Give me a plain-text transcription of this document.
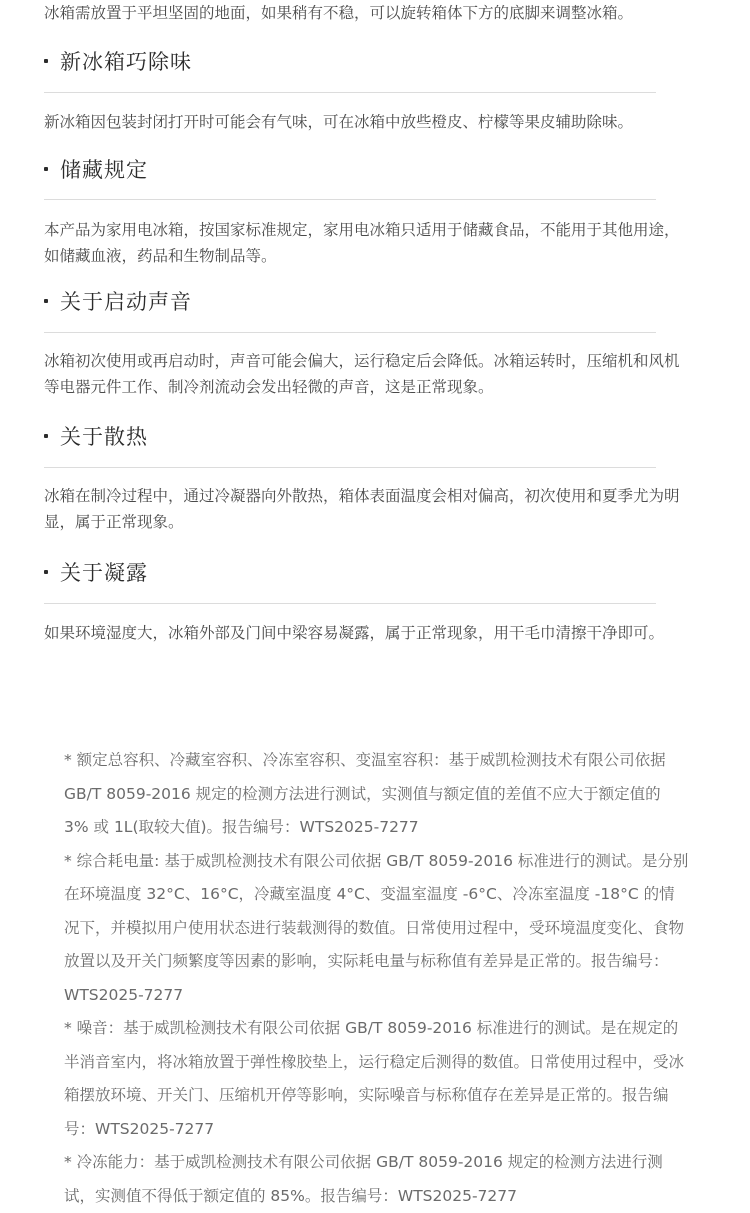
冰箱需放置于平坦坚固的地面，如果稍有不稳，可以旋转箱体下方的底脚来调整冰箱。
新冰箱巧除味
新冰箱因包装封闭打开时可能会有气味，可在冰箱中放些橙皮、柠檬等果皮辅助除味。
储藏规定
本产品为家用电冰箱，按国家标准规定，家用电冰箱只适用于储藏食品，不能用于其他用途，如储藏血液，药品和生物制品等。
关于启动声音
冰箱初次使用或再启动时，声音可能会偏大，运行稳定后会降低。冰箱运转时，压缩机和风机等电器元件工作、制冷剂流动会发出轻微的声音，这是正常现象。
关于散热
冰箱在制冷过程中，通过冷凝器向外散热，箱体表面温度会相对偏高，初次使用和夏季尤为明显，属于正常现象。
关于凝露
如果环境湿度大，冰箱外部及门间中梁容易凝露，属于正常现象，用干毛巾清擦干净即可。

* 额定总容积、冷藏室容积、冷冻室容积、变温室容积：基于威凯检测技术有限公司依据 GB/T 8059-2016 规定的检测方法进行测试，实测值与额定值的差值不应大于额定值的 3% 或 1L(取较大值)。报告编号：WTS2025-7277

* 综合耗电量: 基于威凯检测技术有限公司依据 GB/T 8059-2016 标准进行的测试。是分别在环境温度 32°C、16°C，冷藏室温度 4°C、变温室温度 -6°C、冷冻室温度 -18°C 的情况下，并模拟用户使用状态进行装载测得的数值。日常使用过程中，受环境温度变化、食物放置以及开关门频繁度等因素的影响，实际耗电量与标称值有差异是正常的。报告编号：WTS2025-7277

* 噪音：基于威凯检测技术有限公司依据 GB/T 8059-2016 标准进行的测试。是在规定的半消音室内，将冰箱放置于弹性橡胶垫上，运行稳定后测得的数值。日常使用过程中，受冰箱摆放环境、开关门、压缩机开停等影响，实际噪音与标称值存在差异是正常的。报告编号：WTS2025-7277

* 冷冻能力：基于威凯检测技术有限公司依据 GB/T 8059-2016 规定的检测方法进行测试，实测值不得低于额定值的 85%。报告编号：WTS2025-7277
